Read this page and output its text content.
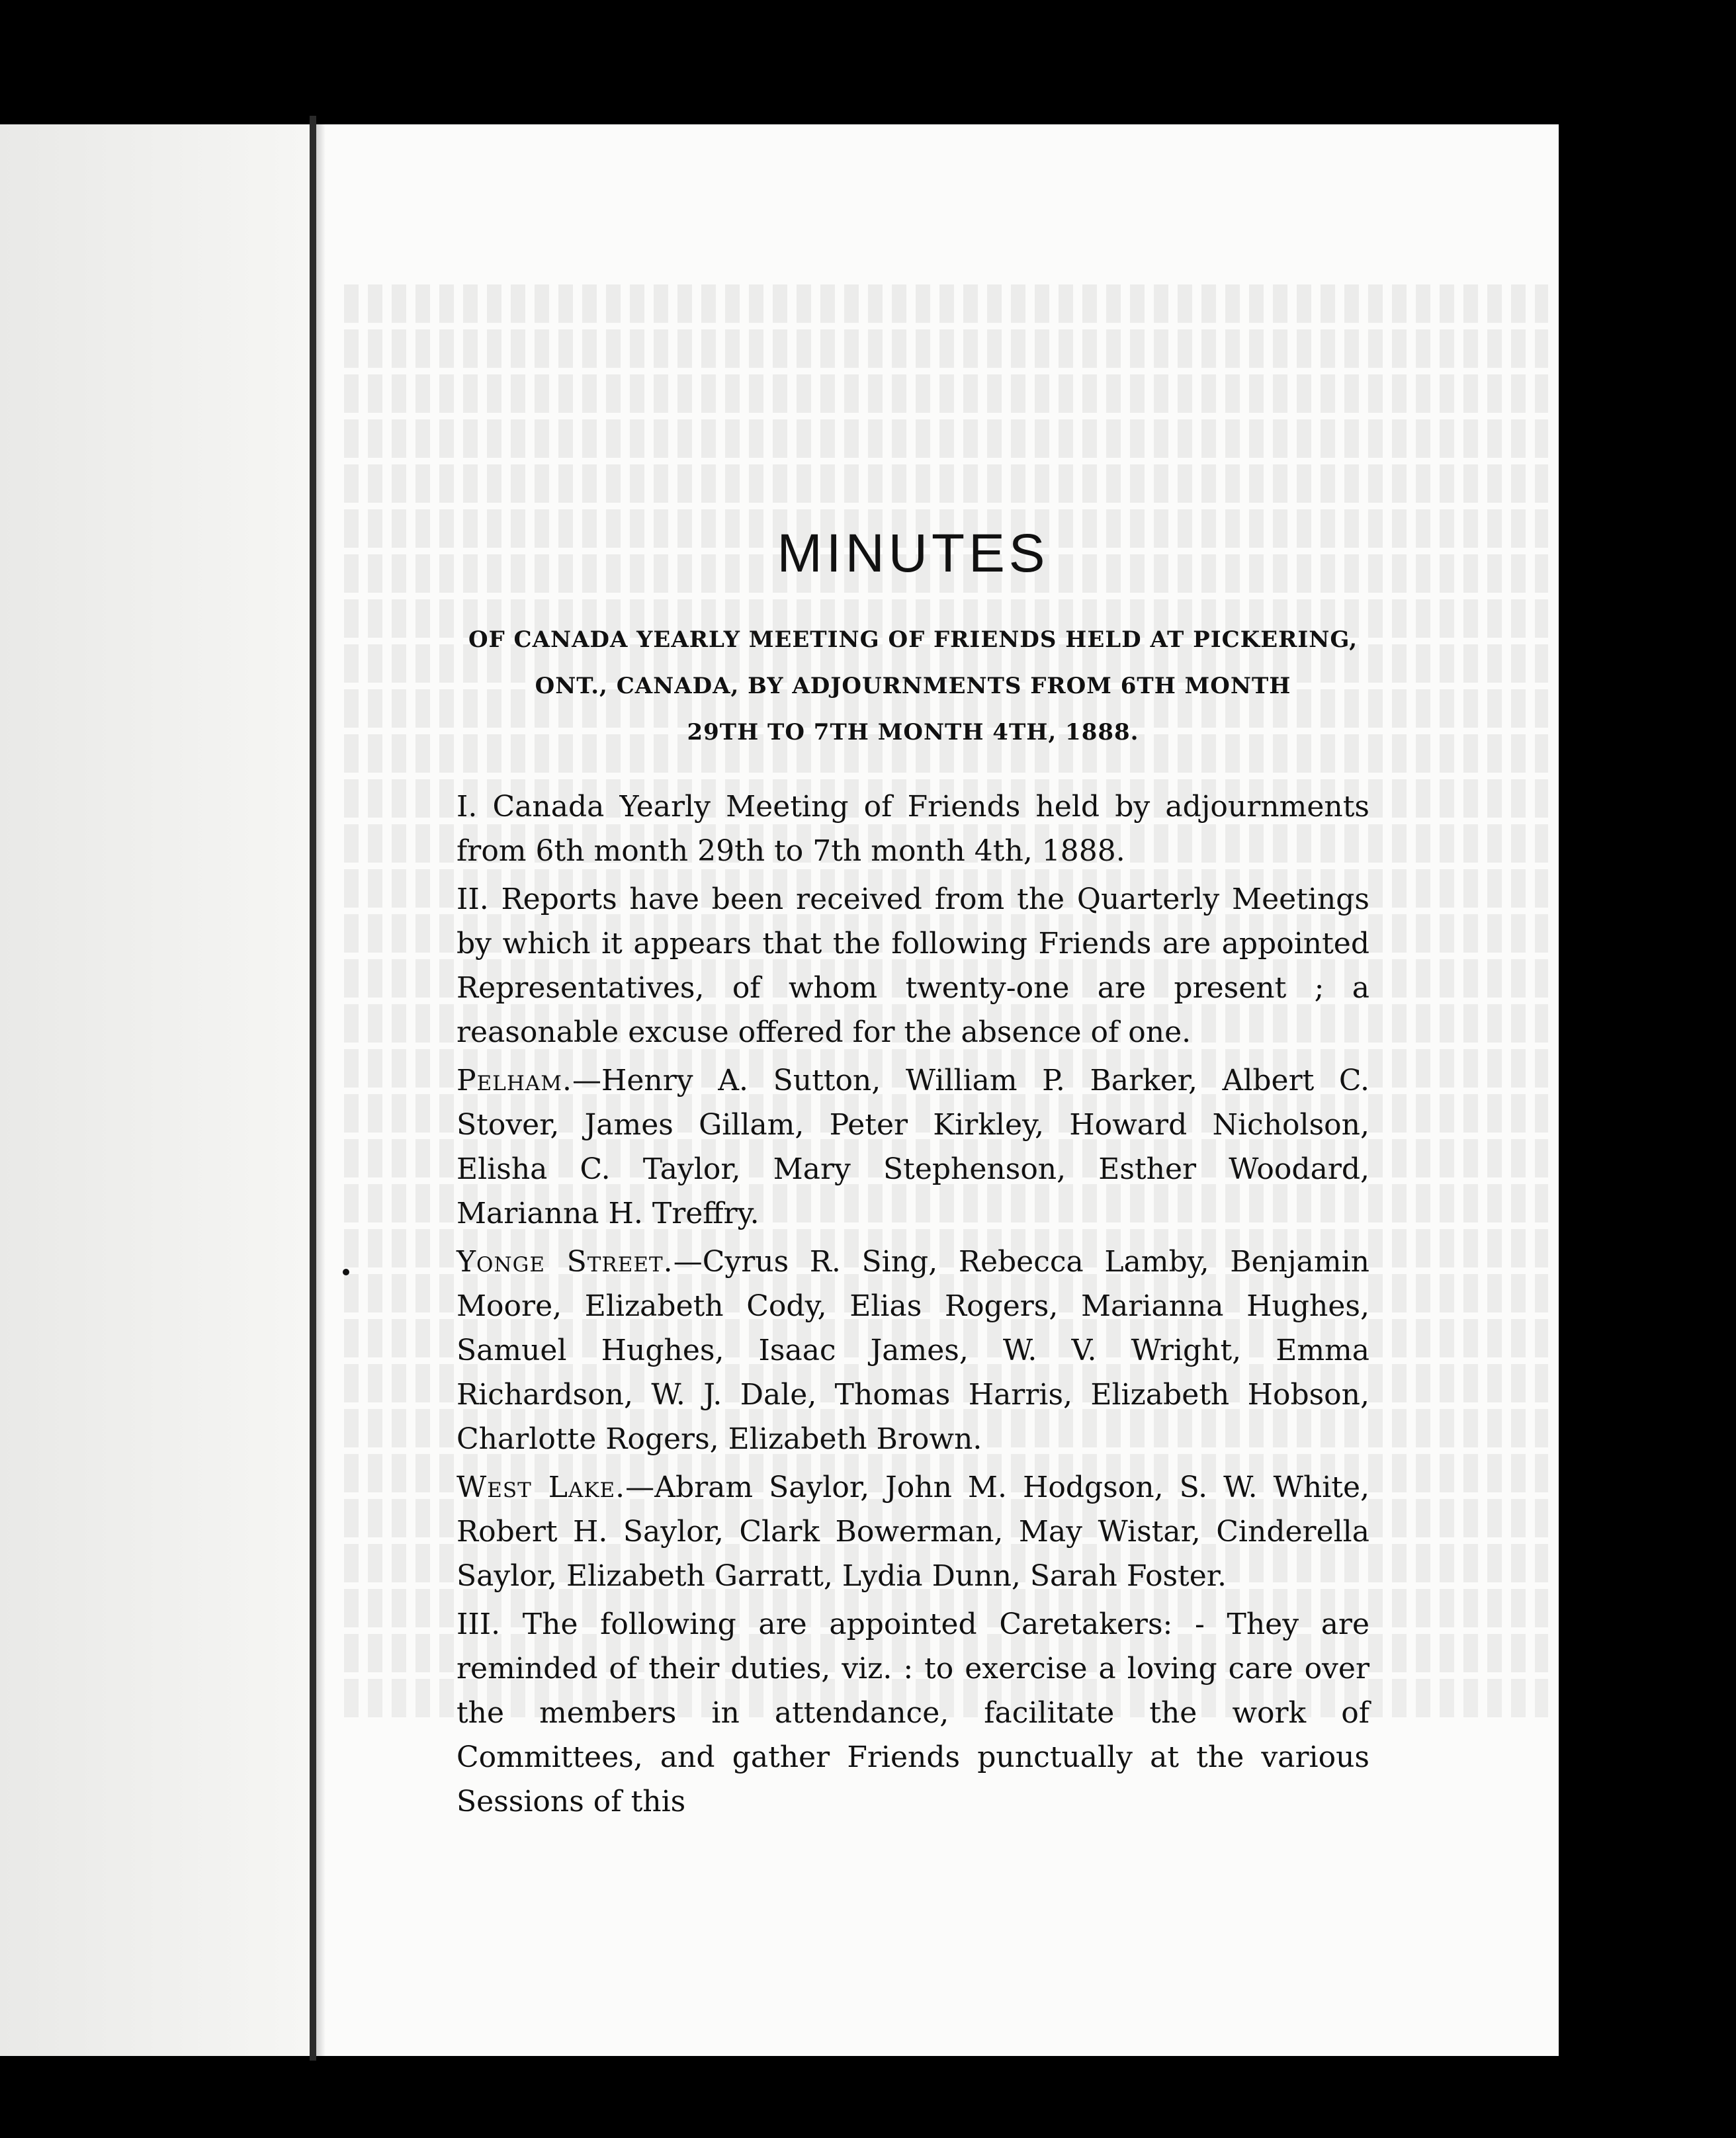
MINUTES
OF CANADA YEARLY MEETING OF FRIENDS HELD AT PICKERING,
ONT., CANADA, BY ADJOURNMENTS FROM 6TH MONTH
29TH TO 7TH MONTH 4TH, 1888.

I. Canada Yearly Meeting of Friends held by adjournments from 6th month 29th to 7th month 4th, 1888.

II. Reports have been received from the Quarterly Meetings by which it appears that the following Friends are appointed Representatives, of whom twenty-one are present ; a reasonable excuse offered for the absence of one.

Pelham.—Henry A. Sutton, William P. Barker, Albert C. Stover, James Gillam, Peter Kirkley, Howard Nicholson, Elisha C. Taylor, Mary Stephenson, Esther Woodard, Marianna H. Treffry.

Yonge Street.—Cyrus R. Sing, Rebecca Lamby, Benjamin Moore, Elizabeth Cody, Elias Rogers, Marianna Hughes, Samuel Hughes, Isaac James, W. V. Wright, Emma Richardson, W. J. Dale, Thomas Harris, Elizabeth Hobson, Charlotte Rogers, Elizabeth Brown.

West Lake.—Abram Saylor, John M. Hodgson, S. W. White, Robert H. Saylor, Clark Bowerman, May Wistar, Cinderella Saylor, Elizabeth Garratt, Lydia Dunn, Sarah Foster.

III. The following are appointed Caretakers: - They are reminded of their duties, viz. : to exercise a loving care over the members in attendance, facilitate the work of Committees, and gather Friends punctually at the various Sessions of this
